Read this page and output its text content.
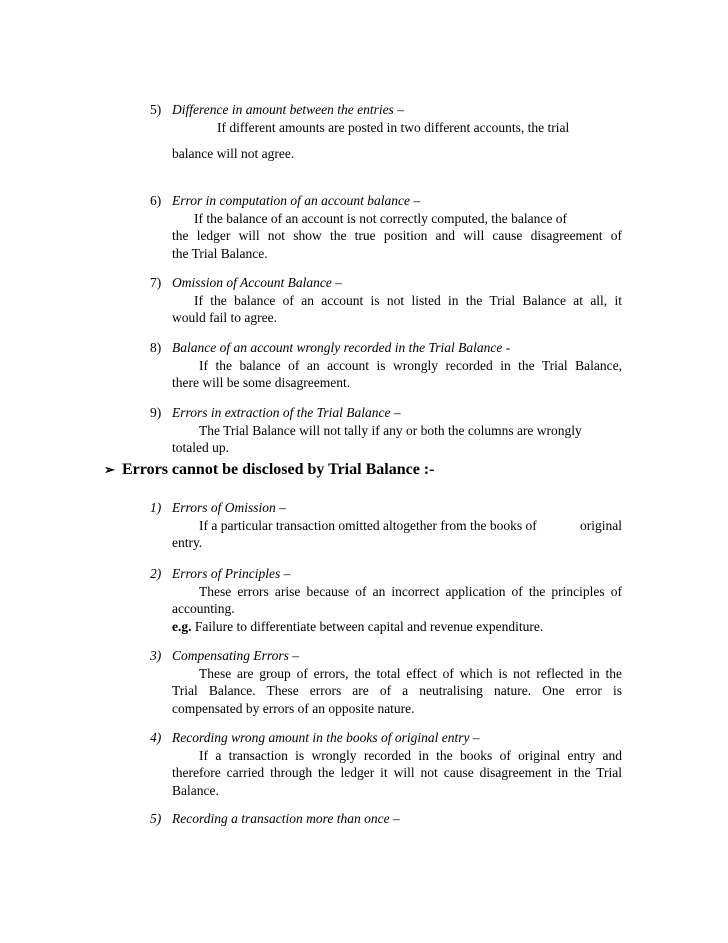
5) Difference in amount between the entries –
If different amounts are posted in two different accounts, the trial
balance will not agree.
6) Error in computation of an account balance –
If the balance of an account is not correctly computed, the balance of
the ledger will not show the true position and will cause disagreement of
the Trial Balance.
7) Omission of Account Balance –
If the balance of an account is not listed in the Trial Balance at all, it
would fail to agree.
8) Balance of an account wrongly recorded in the Trial Balance -
If the balance of an account is wrongly recorded in the Trial Balance,
there will be some disagreement.
9) Errors in extraction of the Trial Balance –
The Trial Balance will not tally if any or both the columns are wrongly
totaled up.
➢ Errors cannot be disclosed by Trial Balance :-
1) Errors of Omission –
If a particular transaction omitted altogether from the books of	original
entry.
2) Errors of Principles –
These errors arise because of an incorrect application of the principles of
accounting.
e.g. Failure to differentiate between capital and revenue expenditure.
3) Compensating Errors –
These are group of errors, the total effect of which is not reflected in the
Trial Balance. These errors are of a neutralising nature. One error is
compensated by errors of an opposite nature.
4) Recording wrong amount in the books of original entry –
If a transaction is wrongly recorded in the books of original entry and
therefore carried through the ledger it will not cause disagreement in the Trial
Balance.
5) Recording a transaction more than once –
